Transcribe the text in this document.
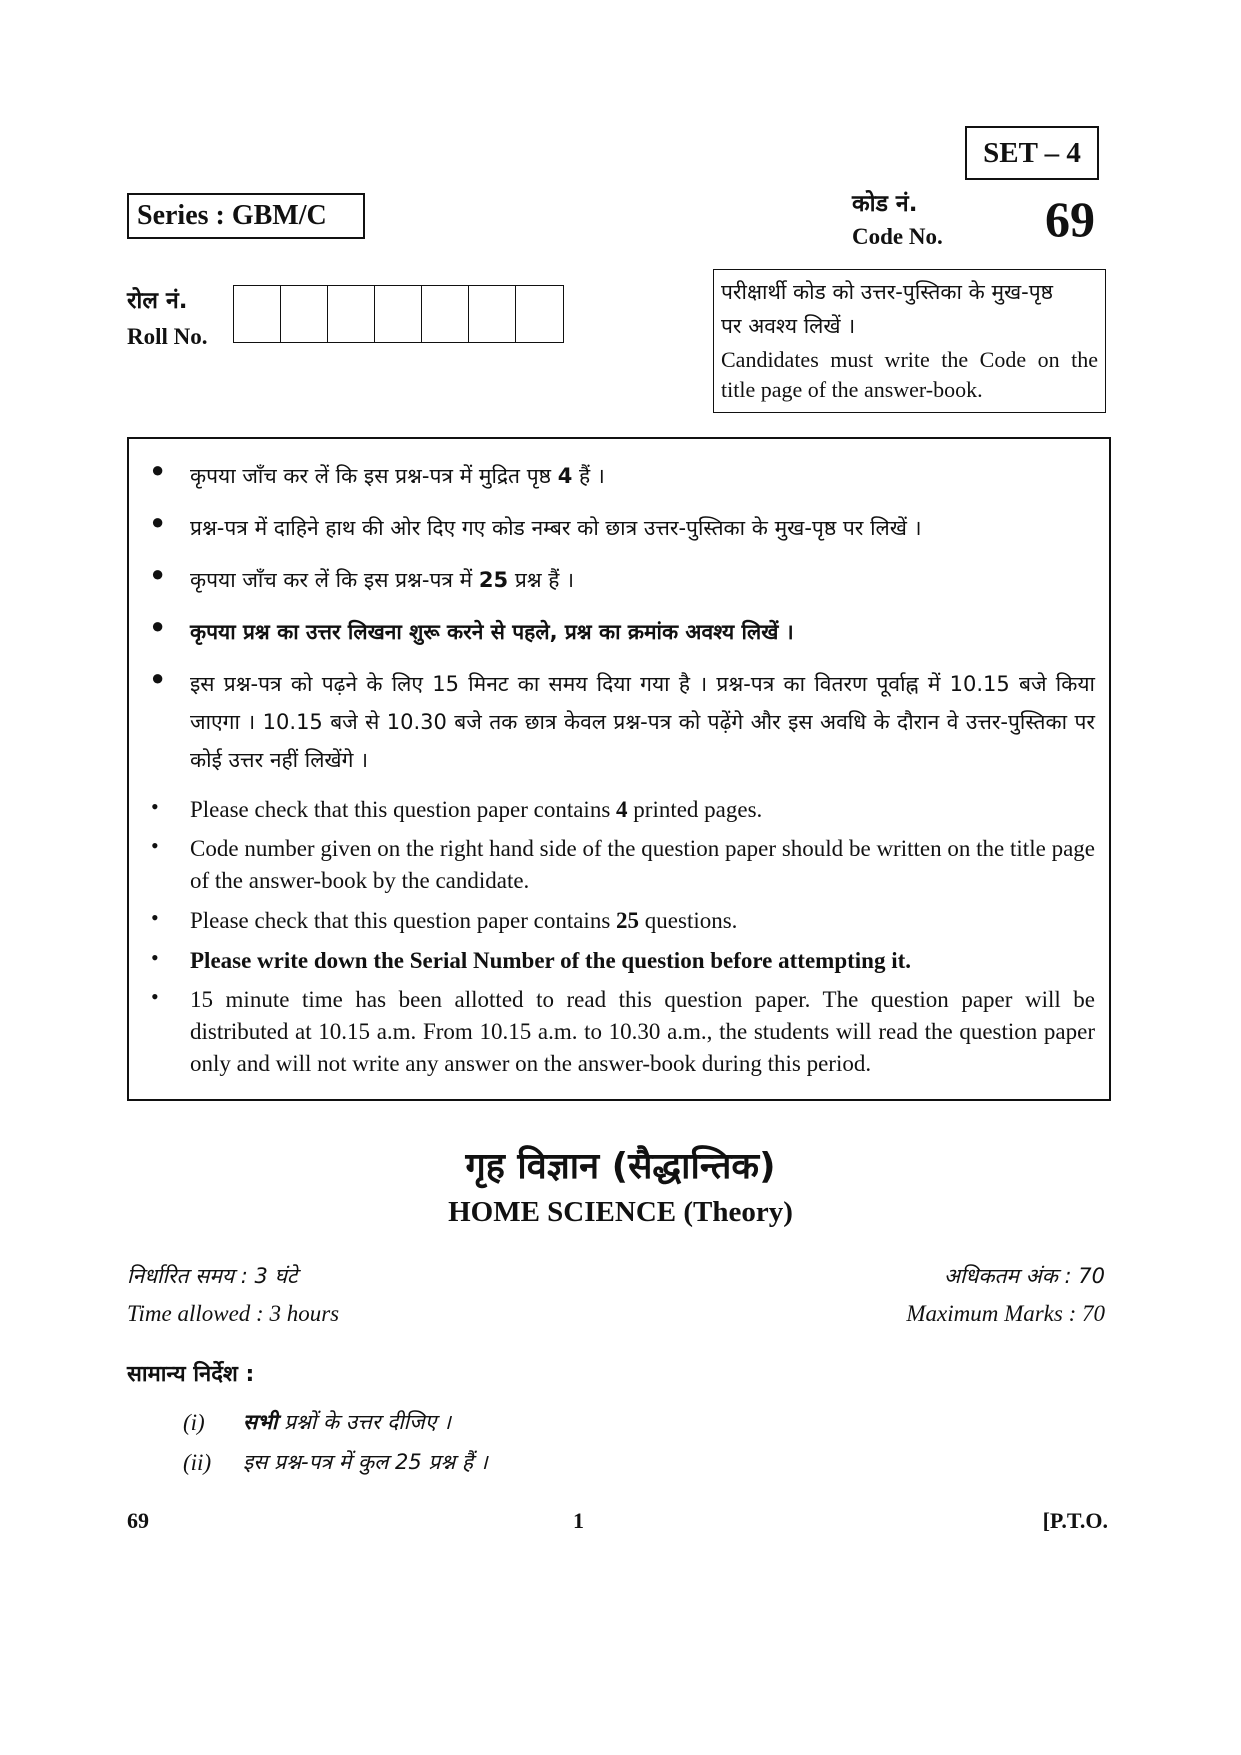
SET – 4
Series : GBM/C	कोड नं.
Code No. 69
रोल नं.
Roll No.
परीक्षार्थी कोड को उत्तर-पुस्तिका के मुख-पृष्ठ
पर अवश्य लिखें ।
Candidates must write the Code on the title page of the answer-book.
● कृपया जाँच कर लें कि इस प्रश्न-पत्र में मुद्रित पृष्ठ 4 हैं ।
● प्रश्न-पत्र में दाहिने हाथ की ओर दिए गए कोड नम्बर को छात्र उत्तर-पुस्तिका के मुख-पृष्ठ पर लिखें ।
● कृपया जाँच कर लें कि इस प्रश्न-पत्र में 25 प्रश्न हैं ।
● कृपया प्रश्न का उत्तर लिखना शुरू करने से पहले, प्रश्न का क्रमांक अवश्य लिखें ।
● इस प्रश्न-पत्र को पढ़ने के लिए 15 मिनट का समय दिया गया है । प्रश्न-पत्र का वितरण पूर्वाह्न में 10.15 बजे किया जाएगा । 10.15 बजे से 10.30 बजे तक छात्र केवल प्रश्न-पत्र को पढ़ेंगे और इस अवधि के दौरान वे उत्तर-पुस्तिका पर कोई उत्तर नहीं लिखेंगे ।
• Please check that this question paper contains 4 printed pages.
• Code number given on the right hand side of the question paper should be written on the title page of the answer-book by the candidate.
• Please check that this question paper contains 25 questions.
• Please write down the Serial Number of the question before attempting it.
• 15 minute time has been allotted to read this question paper. The question paper will be distributed at 10.15 a.m. From 10.15 a.m. to 10.30 a.m., the students will read the question paper only and will not write any answer on the answer-book during this period.
गृह विज्ञान (सैद्धान्तिक)
HOME SCIENCE (Theory)
निर्धारित समय : 3 घंटे	अधिकतम अंक : 70
Time allowed : 3 hours	Maximum Marks : 70
सामान्य निर्देश :
(i) सभी प्रश्नों के उत्तर दीजिए ।
(ii) इस प्रश्न-पत्र में कुल 25 प्रश्न हैं ।
69	1	[P.T.O.
